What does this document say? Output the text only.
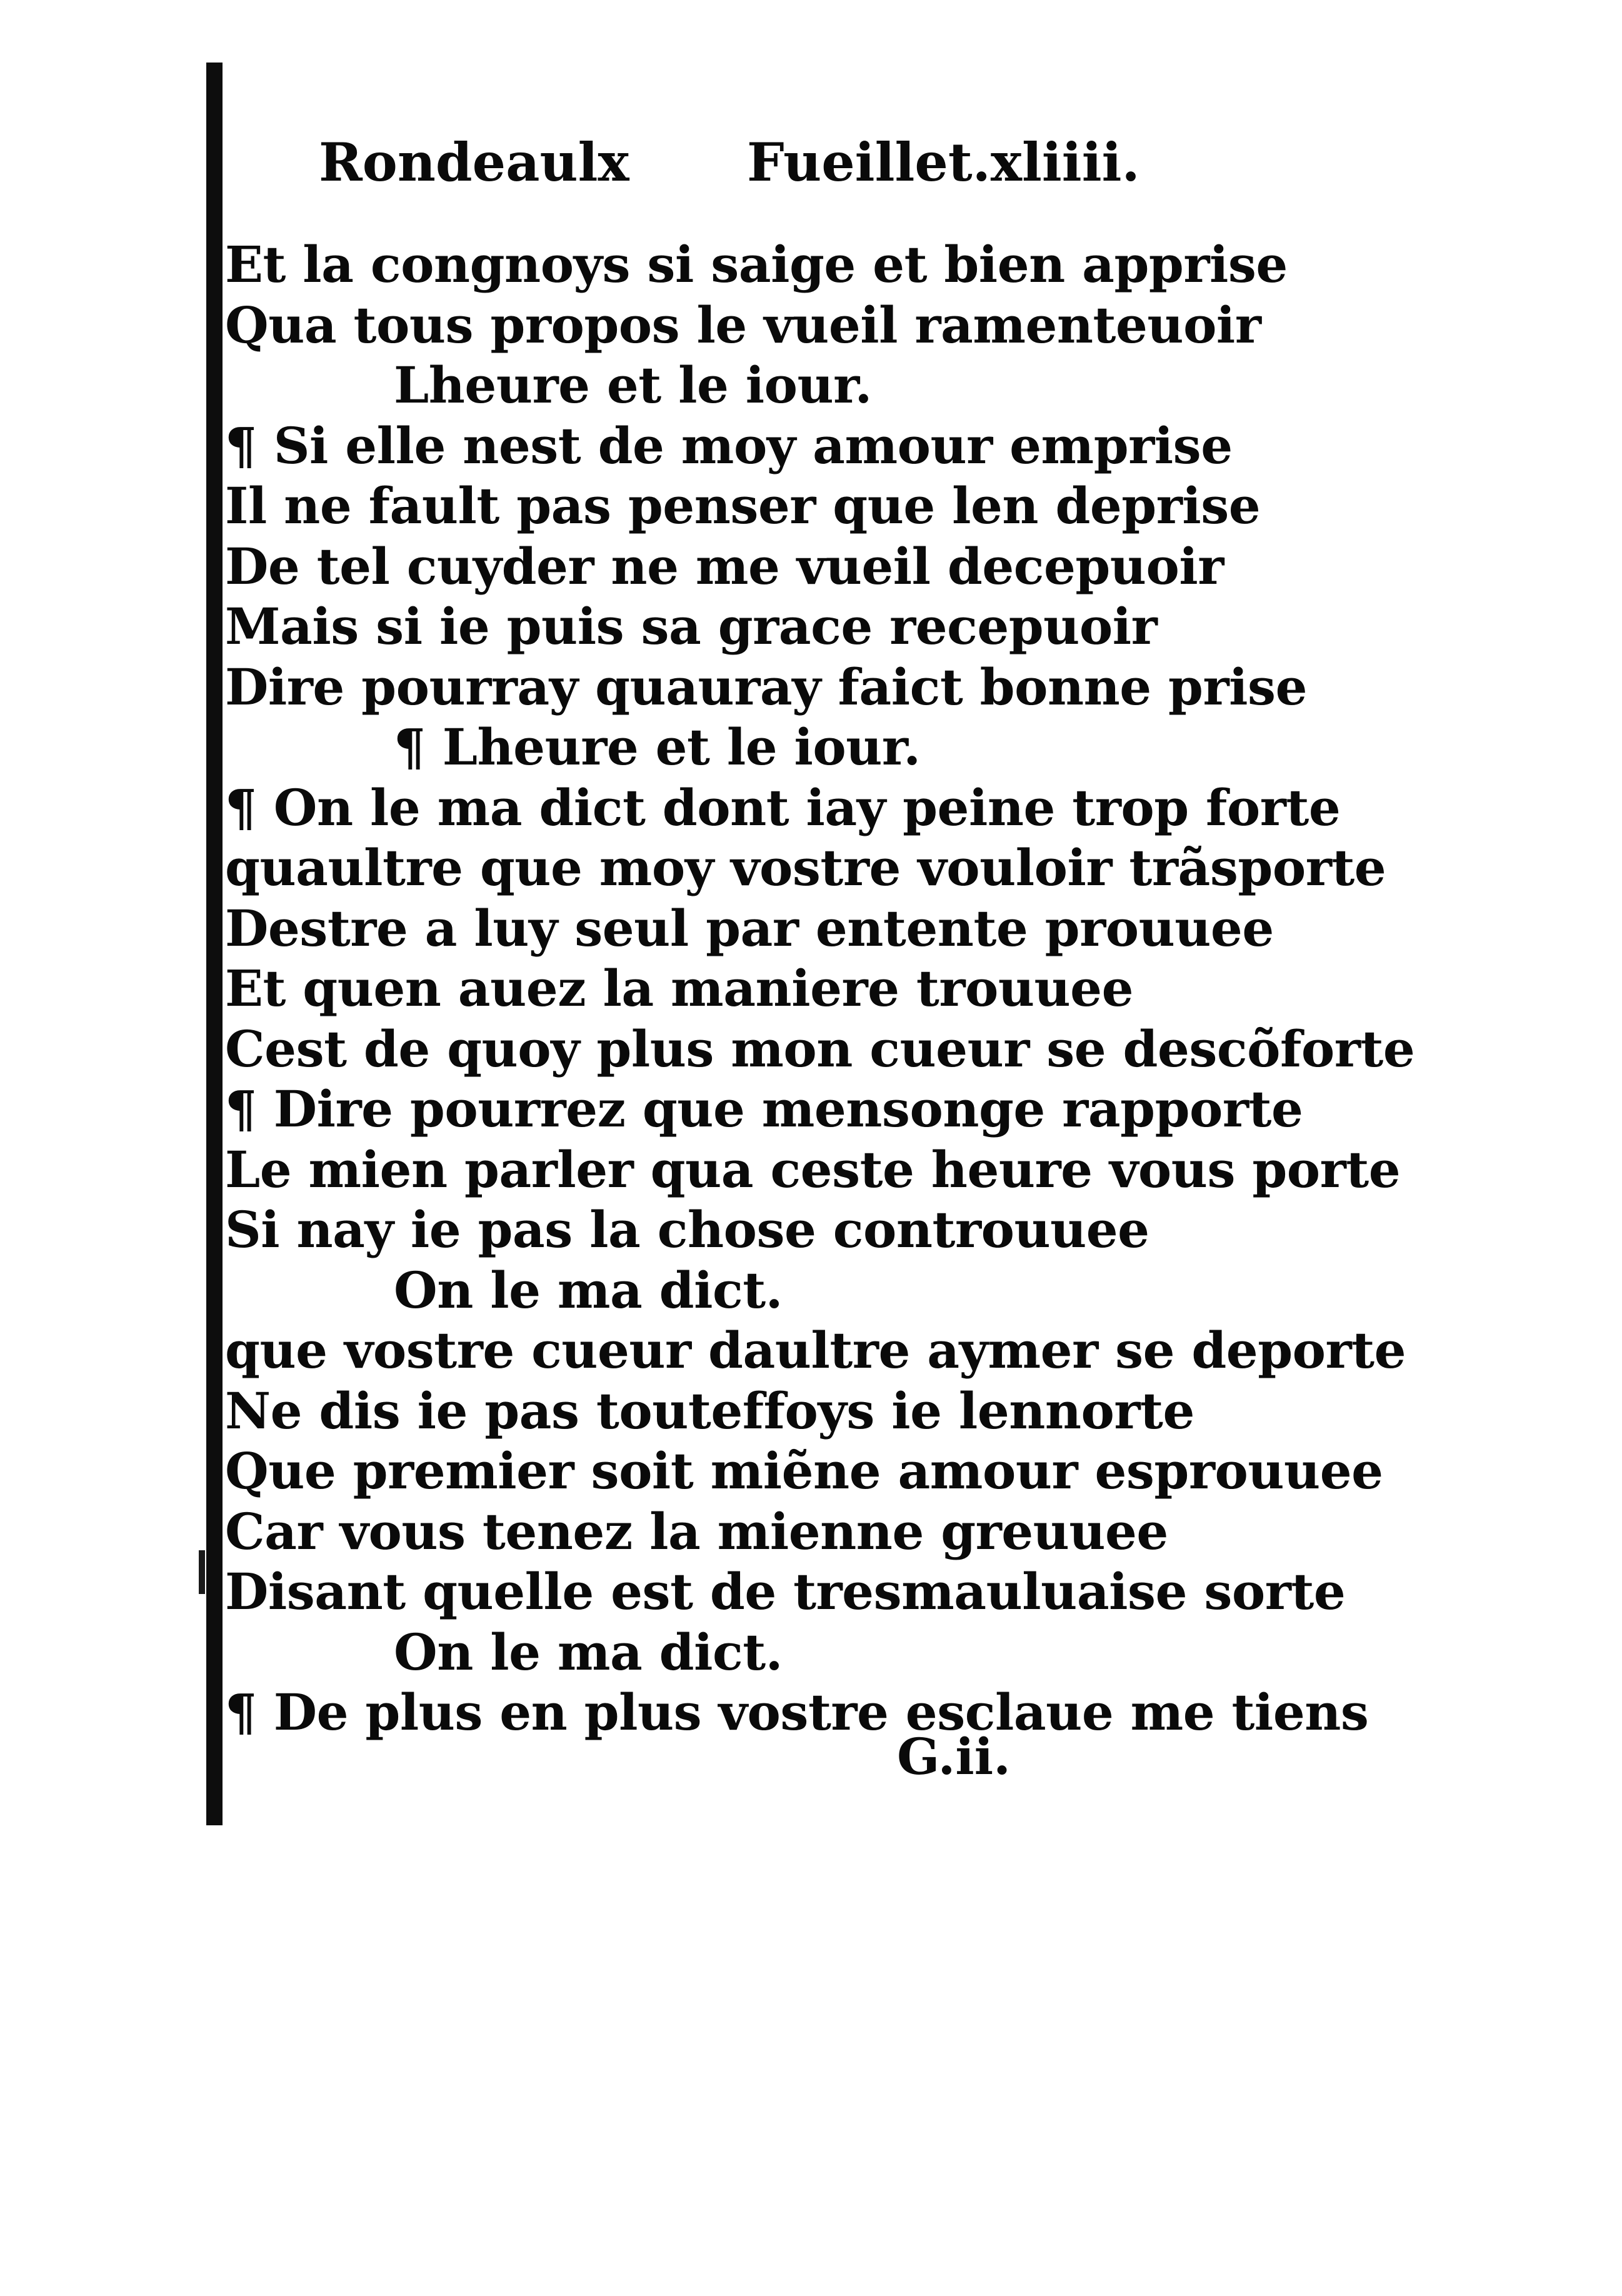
Rondeaulx Fueillet.xliiii.
Et la congnoys si saige et bien apprise
Qua tous propos le vueil ramenteuoir
Lheure et le iour.
¶ Si elle nest de moy amour emprise
Il ne fault pas penser que len deprise
De tel cuyder ne me vueil decepuoir
Mais si ie puis sa grace recepuoir
Dire pourray quauray faict bonne prise
¶ Lheure et le iour.
¶ On le ma dict dont iay peine trop forte
quaultre que moy vostre vouloir trãsporte
Destre a luy seul par entente prouuee
Et quen auez la maniere trouuee
Cest de quoy plus mon cueur se descõforte
¶ Dire pourrez que mensonge rapporte
Le mien parler qua ceste heure vous porte
Si nay ie pas la chose controuuee
On le ma dict.
que vostre cueur daultre aymer se deporte
Ne dis ie pas touteffoys ie lennorte
Que premier soit miẽne amour esprouuee
Car vous tenez la mienne greuuee
Disant quelle est de tresmauluaise sorte
On le ma dict.
¶ De plus en plus vostre esclaue me tiens
G.ii.
